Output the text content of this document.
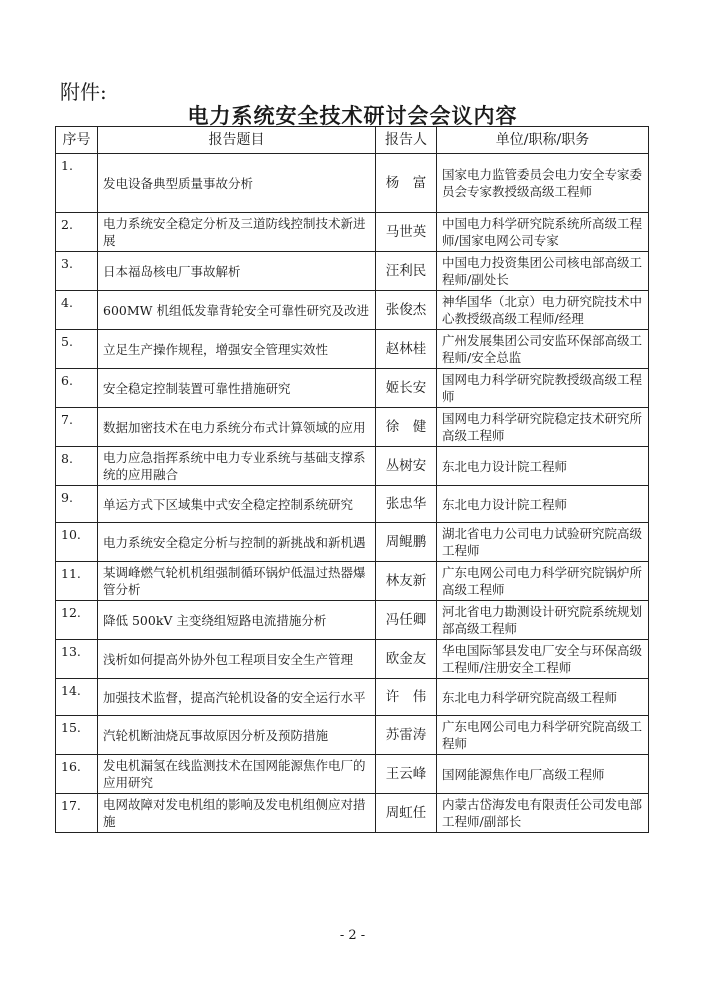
附件:
电力系统安全技术研讨会会议内容
序号	报告题目	报告人	单位/职称/职务
1.	发电设备典型质量事故分析	杨　富	国家电力监管委员会电力安全专家委员会专家教授级高级工程师
2.	电力系统安全稳定分析及三道防线控制技术新进展	马世英	中国电力科学研究院系统所高级工程师/国家电网公司专家
3.	日本福岛核电厂事故解析	汪利民	中国电力投资集团公司核电部高级工程师/副处长
4.	600MW 机组低发靠背轮安全可靠性研究及改进	张俊杰	神华国华（北京）电力研究院技术中心教授级高级工程师/经理
5.	立足生产操作规程，增强安全管理实效性	赵林桂	广州发展集团公司安监环保部高级工程师/安全总监
6.	安全稳定控制装置可靠性措施研究	姬长安	国网电力科学研究院教授级高级工程师
7.	数据加密技术在电力系统分布式计算领域的应用	徐　健	国网电力科学研究院稳定技术研究所高级工程师
8.	电力应急指挥系统中电力专业系统与基础支撑系统的应用融合	丛树安	东北电力设计院工程师
9.	单运方式下区域集中式安全稳定控制系统研究	张忠华	东北电力设计院工程师
10.	电力系统安全稳定分析与控制的新挑战和新机遇	周鲲鹏	湖北省电力公司电力试验研究院高级工程师
11.	某调峰燃气轮机机组强制循环锅炉低温过热器爆管分析	林友新	广东电网公司电力科学研究院锅炉所高级工程师
12.	降低 500kV 主变绕组短路电流措施分析	冯任卿	河北省电力勘测设计研究院系统规划部高级工程师
13.	浅析如何提高外协外包工程项目安全生产管理	欧金友	华电国际邹县发电厂安全与环保高级工程师/注册安全工程师
14.	加强技术监督，提高汽轮机设备的安全运行水平	许　伟	东北电力科学研究院高级工程师
15.	汽轮机断油烧瓦事故原因分析及预防措施	苏雷涛	广东电网公司电力科学研究院高级工程师
16.	发电机漏氢在线监测技术在国网能源焦作电厂的应用研究	王云峰	国网能源焦作电厂高级工程师
17.	电网故障对发电机组的影响及发电机组侧应对措施	周虹任	内蒙古岱海发电有限责任公司发电部工程师/副部长
- 2 -
